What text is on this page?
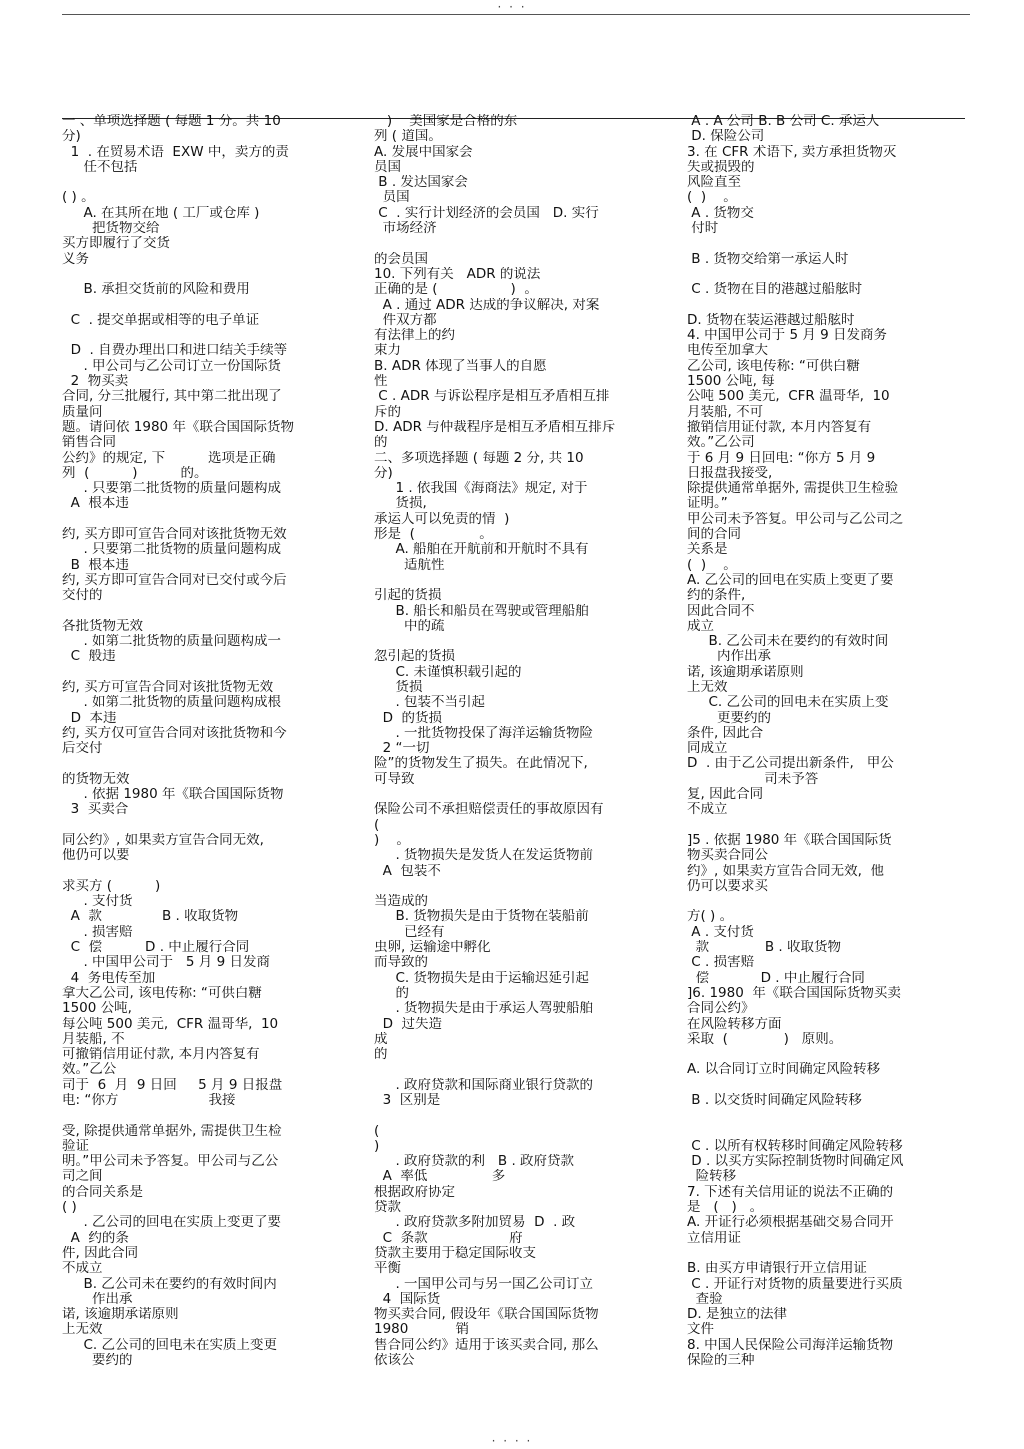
· · ·
一 、单项选择题 ( 每题 1 分。共 10
分)
1  . 在贸易术语  EXW 中，卖方的责
任不包括
( ) 。
A. 在其所在地 ( 工厂或仓库 )
把货物交给
买方即履行了交货
义务
B. 承担交货前的风险和费用
C  . 提交单据或相等的电子单证
D  . 自费办理出口和进口结关手续等
. 甲公司与乙公司订立一份国际货
2  物买卖
合同, 分三批履行, 其中第二批出现了
质量问
题。请问依 1980 年《联合国国际货物
销售合同
公约》的规定, 下          选项是正确
列  (          )          的。
. 只要第二批货物的质量问题构成
A  根本违
约, 买方即可宣告合同对该批货物无效
. 只要第二批货物的质量问题构成
B  根本违
约, 买方即可宣告合同对已交付或今后
交付的
各批货物无效
. 如第二批货物的质量问题构成一
C  般违
约, 买方可宣告合同对该批货物无效
. 如第二批货物的质量问题构成根
D  本违
约, 买方仅可宣告合同对该批货物和今
后交付
的货物无效
. 依据 1980 年《联合国国际货物
3  买卖合
同公约》, 如果卖方宣告合同无效,
他仍可以要
求买方 (          )
. 支付货
A  款              B . 收取货物
. 损害赔
C  偿          D . 中止履行合同
. 中国甲公司于   5 月 9 日发商
4  务电传至加
拿大乙公司, 该电传称: “可供白糖
1500 公吨,
每公吨 500 美元,  CFR 温哥华,  10
月装船, 不
可撤销信用证付款, 本月内答复有
效。”乙公
司于  6  月  9 日回     5 月 9 日报盘
电: “你方                     我接
受, 除提供通常单据外, 需提供卫生检
验证
明。”甲公司未予答复。甲公司与乙公
司之间
的合同关系是
( )
. 乙公司的回电在实质上变更了要
A  约的条
件, 因此合同
不成立
B. 乙公司未在要约的有效时间内
作出承
诺, 该逾期承诺原则
上无效
C. 乙公司的回电未在实质上变更
要约的
)    美国家是合格的东
列 ( 道国。
A. 发展中国家会
员国
B . 发达国家会
员国
C  . 实行计划经济的会员国   D. 实行
市场经济
的会员国
10. 下列有关   ADR 的说法
正确的是 (                 )  。
A . 通过 ADR 达成的争议解决, 对案
件双方都
有法律上的约
束力
B. ADR 体现了当事人的自愿
性
C . ADR 与诉讼程序是相互矛盾相互排
斥的
D. ADR 与仲裁程序是相互矛盾相互排斥
的
二、多项选择题 ( 每题 2 分, 共 10
分)
1 . 依我国《海商法》规定, 对于
货损,
承运人可以免责的情  )
形是  (               。
A. 船舶在开航前和开航时不具有
适航性
引起的货损
B. 船长和船员在驾驶或管理船舶
中的疏
忽引起的货损
C. 未谨慎积载引起的
货损
. 包装不当引起
D  的货损
. 一批货物投保了海洋运输货物险
2 “一切
险”的货物发生了损失。在此情况下,
可导致
保险公司不承担赔偿责任的事故原因有
(
)    。
. 货物损失是发货人在发运货物前
A  包装不
当造成的
B. 货物损失是由于货物在装船前
已经有
虫卵, 运输途中孵化
而导致的
C. 货物损失是由于运输迟延引起
的
. 货物损失是由于承运人驾驶船舶
D  过失造
成
的
. 政府贷款和国际商业银行贷款的
3  区别是
(
)
. 政府贷款的利   B . 政府贷款
A  率低               多
根据政府协定
贷款
. 政府贷款多附加贸易  D  . 政
C  条款                   府
贷款主要用于稳定国际收支
平衡
. 一国甲公司与另一国乙公司订立
4  国际货
物买卖合同, 假设年《联合国国际货物
1980           销
售合同公约》适用于该买卖合同, 那么
依该公
A . A 公司 B. B 公司 C. 承运人
D. 保险公司
3. 在 CFR 术语下, 卖方承担货物灭
失或损毁的
风险直至
(  )    。
A . 货物交
付时
B . 货物交给第一承运人时
C . 货物在目的港越过船舷时
D. 货物在装运港越过船舷时
4. 中国甲公司于 5 月 9 日发商务
电传至加拿大
乙公司, 该电传称: “可供白糖
1500 公吨, 每
公吨 500 美元,  CFR 温哥华,  10
月装船, 不可
撤销信用证付款, 本月内答复有
效。”乙公司
于 6 月 9 日回电: “你方 5 月 9
日报盘我接受,
除提供通常单据外, 需提供卫生检验
证明。”
甲公司未予答复。甲公司与乙公司之
间的合同
关系是
(  )    。
A. 乙公司的回电在实质上变更了要
约的条件,
因此合同不
成立
B. 乙公司未在要约的有效时间
内作出承
诺, 该逾期承诺原则
上无效
C. 乙公司的回电未在实质上变
更要约的
条件, 因此合
同成立
D  . 由于乙公司提出新条件,   甲公
司未予答
复, 因此合同
不成立
]5 . 依据 1980 年《联合国国际货
物买卖合同公
约》, 如果卖方宣告合同无效,  他
仍可以要求买
方( ) 。
A . 支付货
款             B . 收取货物
C . 损害赔
偿            D . 中止履行合同
]6. 1980  年《联合国国际货物买卖
合同公约》
在风险转移方面
采取  (             )   原则。
A. 以合同订立时间确定风险转移
B . 以交货时间确定风险转移
C . 以所有权转移时间确定风险转移
D . 以买方实际控制货物时间确定风
险转移
7. 下述有关信用证的说法不正确的
是   (   )   。
A. 开证行必须根据基础交易合同开
立信用证
B. 由买方申请银行开立信用证
C . 开证行对货物的质量要进行买质
查验
D. 是独立的法律
文件
8. 中国人民保险公司海洋运输货物
保险的三种
· · · ·
